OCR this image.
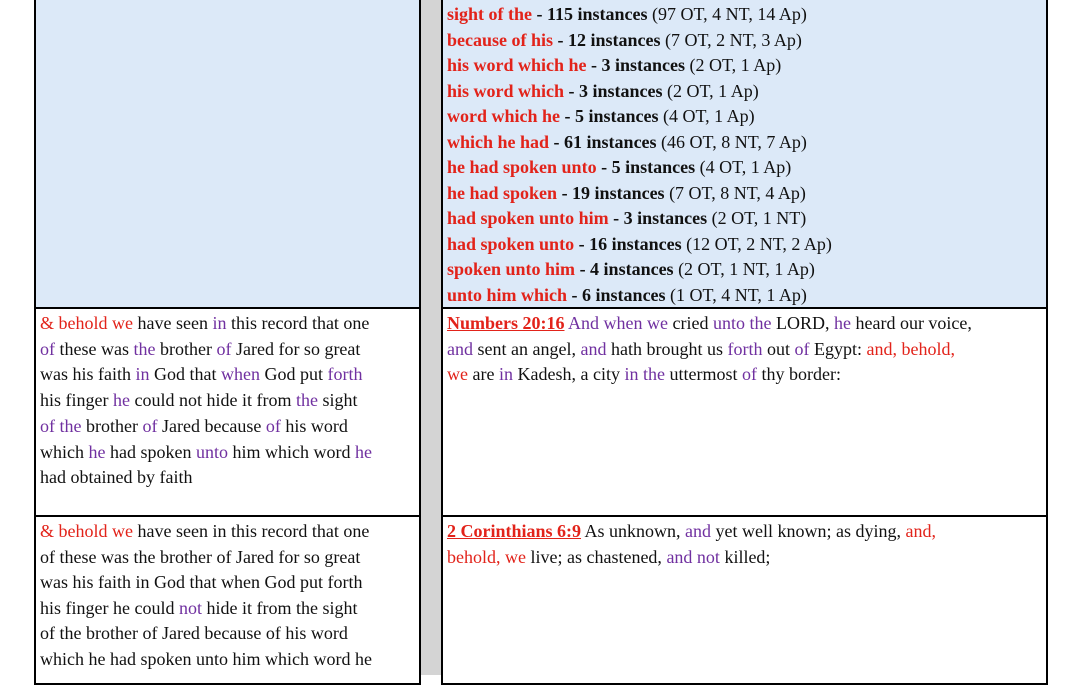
sight of the - 115 instances (97 OT, 4 NT, 14 Ap)
because of his - 12 instances (7 OT, 2 NT, 3 Ap)
his word which he - 3 instances (2 OT, 1 Ap)
his word which - 3 instances (2 OT, 1 Ap)
word which he - 5 instances (4 OT, 1 Ap)
which he had - 61 instances (46 OT, 8 NT, 7 Ap)
he had spoken unto - 5 instances (4 OT, 1 Ap)
he had spoken - 19 instances (7 OT, 8 NT, 4 Ap)
had spoken unto him - 3 instances (2 OT, 1 NT)
had spoken unto - 16 instances (12 OT, 2 NT, 2 Ap)
spoken unto him - 4 instances (2 OT, 1 NT, 1 Ap)
unto him which - 6 instances (1 OT, 4 NT, 1 Ap)
& behold we have seen in this record that one
of these was the brother of Jared for so great
was his faith in God that when God put forth
his finger he could not hide it from the sight
of the brother of Jared because of his word
which he had spoken unto him which word he
had obtained by faith
Numbers 20:16 And when we cried unto the LORD, he heard our voice,
and sent an angel, and hath brought us forth out of Egypt: and, behold,
we are in Kadesh, a city in the uttermost of thy border:
& behold we have seen in this record that one
of these was the brother of Jared for so great
was his faith in God that when God put forth
his finger he could not hide it from the sight
of the brother of Jared because of his word
which he had spoken unto him which word he
2 Corinthians 6:9 As unknown, and yet well known; as dying, and,
behold, we live; as chastened, and not killed;
